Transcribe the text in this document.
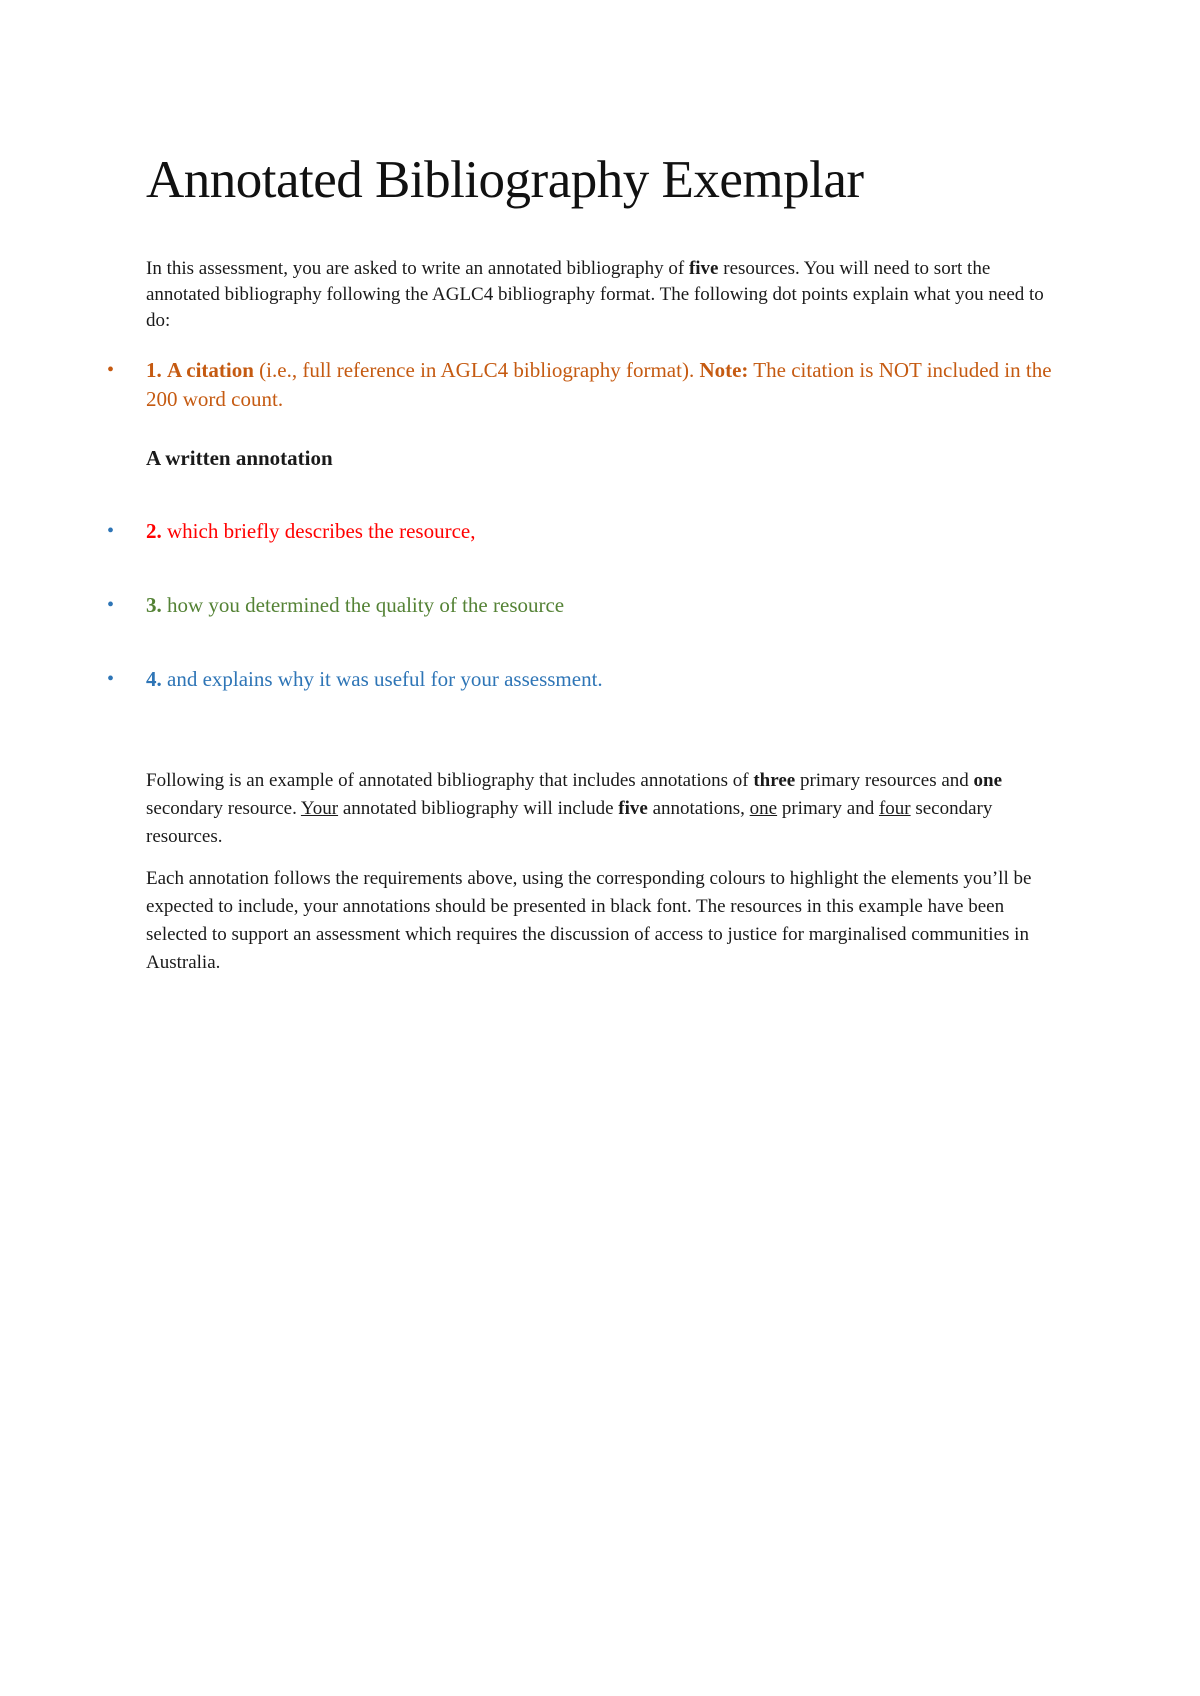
Annotated Bibliography Exemplar

In this assessment, you are asked to write an annotated bibliography of five resources. You will need to sort the annotated bibliography following the AGLC4 bibliography format. The following dot points explain what you need to do:

• 1. A citation (i.e., full reference in AGLC4 bibliography format). Note: The citation is NOT included in the 200 word count.

A written annotation

• 2. which briefly describes the resource,
• 3. how you determined the quality of the resource
• 4. and explains why it was useful for your assessment.

Following is an example of annotated bibliography that includes annotations of three primary resources and one secondary resource. Your annotated bibliography will include five annotations, one primary and four secondary resources.

Each annotation follows the requirements above, using the corresponding colours to highlight the elements you’ll be expected to include, your annotations should be presented in black font. The resources in this example have been selected to support an assessment which requires the discussion of access to justice for marginalised communities in Australia.
